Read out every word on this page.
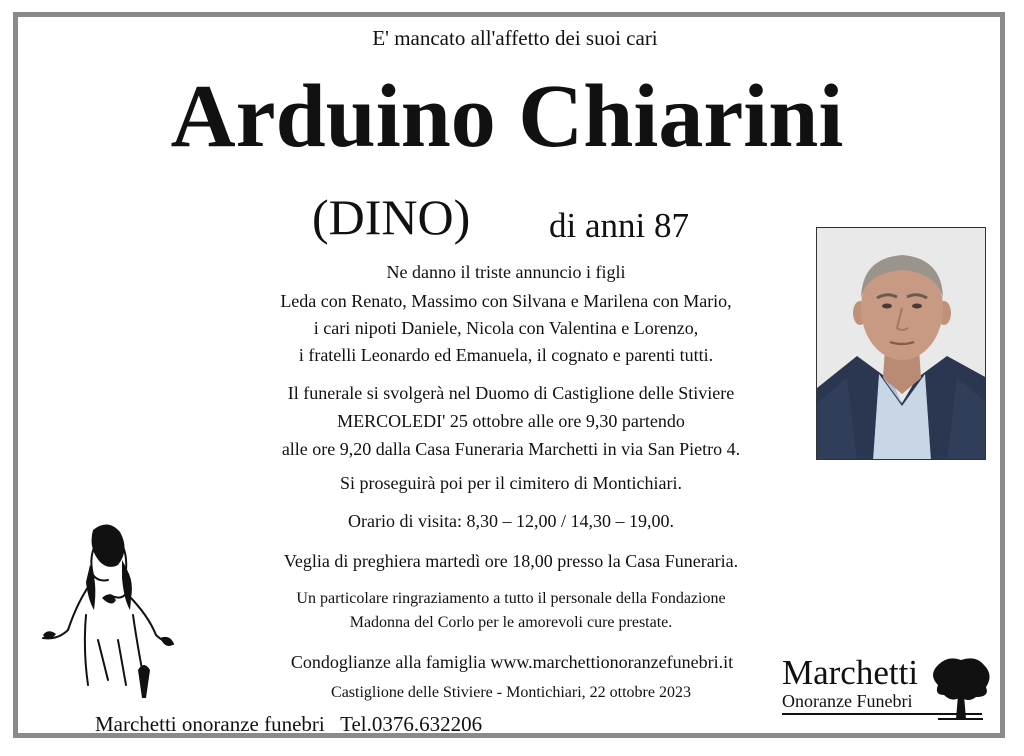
E' mancato all'affetto dei suoi cari
Arduino Chiarini
(DINO) di anni 87
Ne danno il triste annuncio i figli
Leda con Renato, Massimo con Silvana e Marilena con Mario,
i cari nipoti Daniele, Nicola con Valentina e Lorenzo,
i fratelli Leonardo ed Emanuela, il cognato e parenti tutti.
Il funerale si svolgerà nel Duomo di Castiglione delle Stiviere
MERCOLEDI' 25 ottobre alle ore 9,30 partendo
alle ore 9,20 dalla Casa Funeraria Marchetti in via San Pietro 4.
Si proseguirà poi per il cimitero di Montichiari.
Orario di visita: 8,30 – 12,00 / 14,30 – 19,00.
Veglia di preghiera martedì ore 18,00 presso la Casa Funeraria.
Un particolare ringraziamento a tutto il personale della Fondazione
Madonna del Corlo per le amorevoli cure prestate.
Condoglianze alla famiglia www.marchettionoranzefunebri.it
Castiglione delle Stiviere - Montichiari, 22 ottobre 2023
Marchetti onoranze funebri   Tel.0376.632206
Marchetti
Onoranze Funebri
